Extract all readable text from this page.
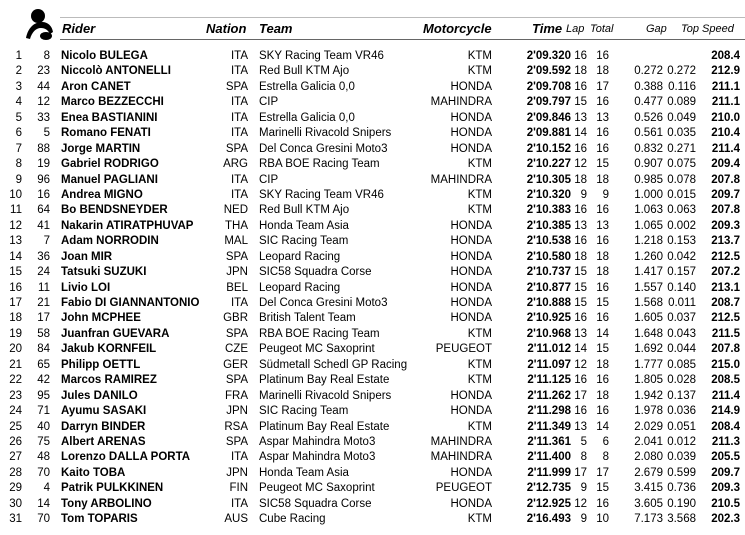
Rider	Nation Team	Motorcycle	Time Lap Total	Gap Top Speed
1	8 Nicolo BULEGA	ITA SKY Racing Team VR46	KTM	2'09.320 16 16	208.4
2	23 Niccolò ANTONELLI	ITA Red Bull KTM Ajo	KTM	2'09.592 18 18	0.272 0.272	212.9
3	44 Aron CANET	SPA Estrella Galicia 0,0	HONDA	2'09.708 16 17	0.388 0.116	211.1
4	12 Marco BEZZECCHI	ITA CIP	MAHINDRA	2'09.797 15 16	0.477 0.089	211.1
5	33 Enea BASTIANINI	ITA Estrella Galicia 0,0	HONDA	2'09.846 13 13	0.526 0.049	210.0
6	5 Romano FENATI	ITA Marinelli Rivacold Snipers	HONDA	2'09.881 14 16	0.561 0.035	210.4
7	88 Jorge MARTIN	SPA Del Conca Gresini Moto3	HONDA	2'10.152 16 16	0.832 0.271	211.4
8	19 Gabriel RODRIGO	ARG RBA BOE Racing Team	KTM	2'10.227 12 15	0.907 0.075	209.4
9	96 Manuel PAGLIANI	ITA CIP	MAHINDRA	2'10.305 18 18	0.985 0.078	207.8
10	16 Andrea MIGNO	ITA SKY Racing Team VR46	KTM	2'10.320 9	9	1.000 0.015	209.7
11	64 Bo BENDSNEYDER	NED Red Bull KTM Ajo	KTM	2'10.383 16 16	1.063 0.063	207.8
12	41 Nakarin ATIRATPHUVAP	THA Honda Team Asia	HONDA	2'10.385 13 13	1.065 0.002	209.3
13	7 Adam NORRODIN	MAL SIC Racing Team	HONDA	2'10.538 16 16	1.218 0.153	213.7
14	36 Joan MIR	SPA Leopard Racing	HONDA	2'10.580 18 18	1.260 0.042	212.5
15	24 Tatsuki SUZUKI	JPN SIC58 Squadra Corse	HONDA	2'10.737 15 18	1.417 0.157	207.2
16	11 Livio LOI	BEL Leopard Racing	HONDA	2'10.877 15 16	1.557 0.140	213.1
17	21 Fabio DI GIANNANTONIO	ITA Del Conca Gresini Moto3	HONDA	2'10.888 15 15	1.568 0.011	208.7
18	17 John MCPHEE	GBR British Talent Team	HONDA	2'10.925 16 16	1.605 0.037	212.5
19	58 Juanfran GUEVARA	SPA RBA BOE Racing Team	KTM	2'10.968 13 14	1.648 0.043	211.5
20	84 Jakub KORNFEIL	CZE Peugeot MC Saxoprint	PEUGEOT	2'11.012 14 15	1.692 0.044	207.8
21	65 Philipp OETTL	GER Südmetall Schedl GP Racing	KTM	2'11.097 12 18	1.777 0.085	215.0
22	42 Marcos RAMIREZ	SPA Platinum Bay Real Estate	KTM	2'11.125 16 16	1.805 0.028	208.5
23	95 Jules DANILO	FRA Marinelli Rivacold Snipers	HONDA	2'11.262 17 18	1.942 0.137	211.4
24	71 Ayumu SASAKI	JPN SIC Racing Team	HONDA	2'11.298 16 16	1.978 0.036	214.9
25	40 Darryn BINDER	RSA Platinum Bay Real Estate	KTM	2'11.349 13 14	2.029 0.051	208.4
26	75 Albert ARENAS	SPA Aspar Mahindra Moto3	MAHINDRA	2'11.361 5	6	2.041 0.012	211.3
27	48 Lorenzo DALLA PORTA	ITA Aspar Mahindra Moto3	MAHINDRA	2'11.400 8	8	2.080 0.039	205.5
28	70 Kaito TOBA	JPN Honda Team Asia	HONDA	2'11.999 17 17	2.679 0.599	209.7
29	4 Patrik PULKKINEN	FIN Peugeot MC Saxoprint	PEUGEOT	2'12.735 9 15	3.415 0.736	209.3
30	14 Tony ARBOLINO	ITA SIC58 Squadra Corse	HONDA	2'12.925 12 16	3.605 0.190	210.5
31	70 Tom TOPARIS	AUS Cube Racing	KTM	2'16.493 9 10	7.173 3.568	202.3
